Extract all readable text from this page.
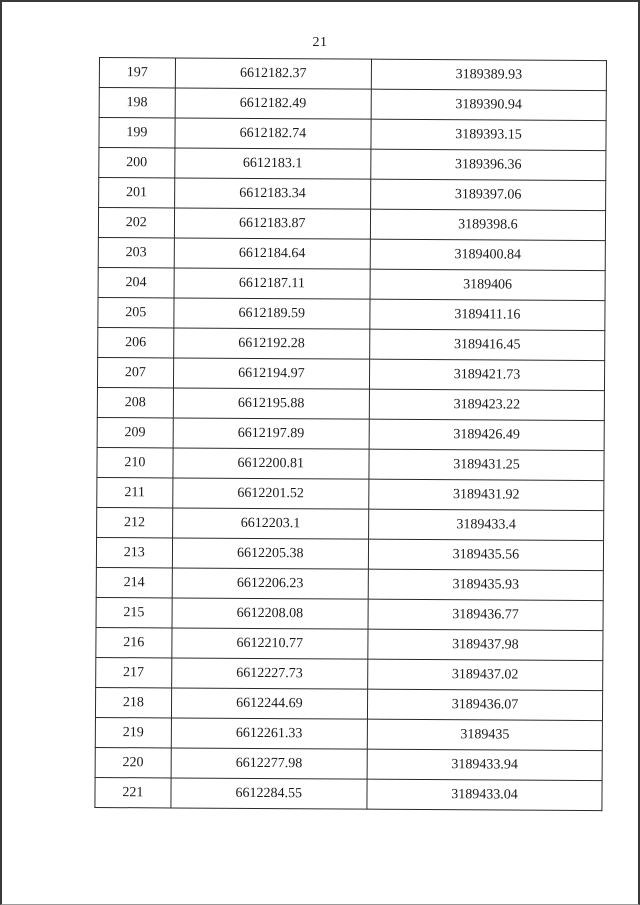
21
197	6612182.37	3189389.93
198	6612182.49	3189390.94
199	6612182.74	3189393.15
200	6612183.1	3189396.36
201	6612183.34	3189397.06
202	6612183.87	3189398.6
203	6612184.64	3189400.84
204	6612187.11	3189406
205	6612189.59	3189411.16
206	6612192.28	3189416.45
207	6612194.97	3189421.73
208	6612195.88	3189423.22
209	6612197.89	3189426.49
210	6612200.81	3189431.25
211	6612201.52	3189431.92
212	6612203.1	3189433.4
213	6612205.38	3189435.56
214	6612206.23	3189435.93
215	6612208.08	3189436.77
216	6612210.77	3189437.98
217	6612227.73	3189437.02
218	6612244.69	3189436.07
219	6612261.33	3189435
220	6612277.98	3189433.94
221	6612284.55	3189433.04
